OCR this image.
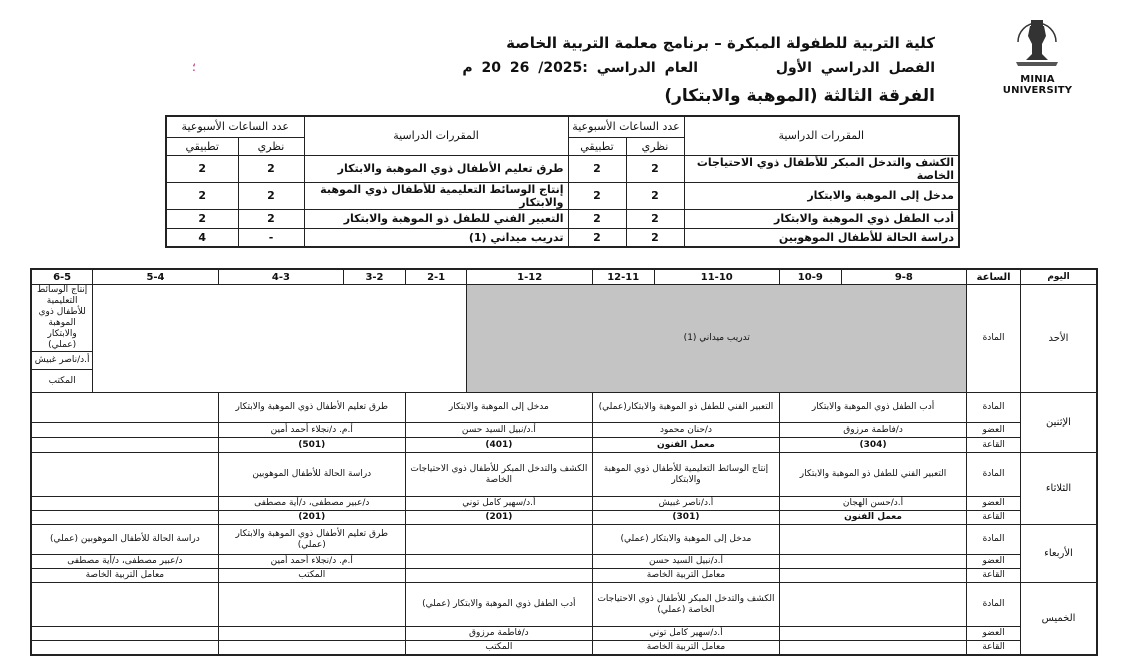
MINIA UNIVERSITY
كلية التربية للطفولة المبكرة – برنامج معلمة التربية الخاصة
الفصل الدراسي الأول  العام الدراسي :2025/ 26 20 م
الفرقة الثالثة (الموهبة والابتكار)
؛
المقررات الدراسية	عدد الساعات الأسبوعية		المقررات الدراسية	عدد الساعات الأسبوعية	
	نظري	تطبيقي		نظري	تطبيقي
الكشف والتدخل المبكر للأطفال ذوي الاحتياجات الخاصة	2	2	طرق تعليم الأطفال ذوي الموهبة والابتكار	2	2
مدخل إلى الموهبة والابتكار	2	2	إنتاج الوسائط التعليمية للأطفال ذوي الموهبة والابتكار	2	2
أدب الطفل ذوي الموهبة والابتكار	2	2	التعبير الفني للطفل ذو الموهبة والابتكار	2	2
دراسة الحالة للأطفال الموهوبين	2	2	تدريب ميداني (1)	-	4
اليوم	الساعة	9-8	10-9	11-10	12-11	1-12	2-1	3-2	4-3	5-4	6-5
الأحد	المادة	تدريب ميداني (1)									إنتاج الوسائط التعليمية للأطفال ذوي الموهبة والابتكار (عملي)
											أ.د/ناصر غبيش
											المكتب
الإثنين	المادة	أدب الطفل ذوي الموهبة والابتكار		التعبير الفني للطفل ذو الموهبة والابتكار(عملي)		مدخل إلى الموهبة والابتكار		طرق تعليم الأطفال ذوي الموهبة والابتكار			
	العضو	د/فاطمة مرزوق		د/حنان محمود		أ.د/نبيل السيد حسن		أ.م. د/نجلاء أحمد أمين			
	القاعة	(304)		معمل الفنون		(401)		(501)			
الثلاثاء	المادة	التعبير الفني للطفل ذو الموهبة والابتكار		إنتاج الوسائط التعليمية للأطفال ذوي الموهبة والابتكار		الكشف والتدخل المبكر للأطفال ذوي الاحتياجات الخاصة		دراسة الحالة للأطفال الموهوبين			
	العضو	أ.د/حسن الهجان		أ.د/ناصر غبيش		أ.د/سهير كامل توني		د/عبير مصطفى، د/أية مصطفى			
	القاعة	معمل الفنون		(301)		(201)		(201)			
الأربعاء	المادة			مدخل إلى الموهبة والابتكار (عملي)				طرق تعليم الأطفال ذوي الموهبة والابتكار (عملي)		دراسة الحالة للأطفال الموهوبين (عملي)	
	العضو			أ.د/نبيل السيد حسن				أ.م. د/نجلاء أحمد أمين		د/عبير مصطفى، د/أية مصطفى	
	القاعة			معامل التربية الخاصة				المكتب		معامل التربية الخاصة	
الخميس	المادة			الكشف والتدخل المبكر للأطفال ذوي الاحتياجات الخاصة (عملي)		أدب الطفل ذوي الموهبة والابتكار (عملي)					
	العضو			أ.د/سهير كامل توني		د/فاطمة مرزوق					
	القاعة			معامل التربية الخاصة		المكتب					
